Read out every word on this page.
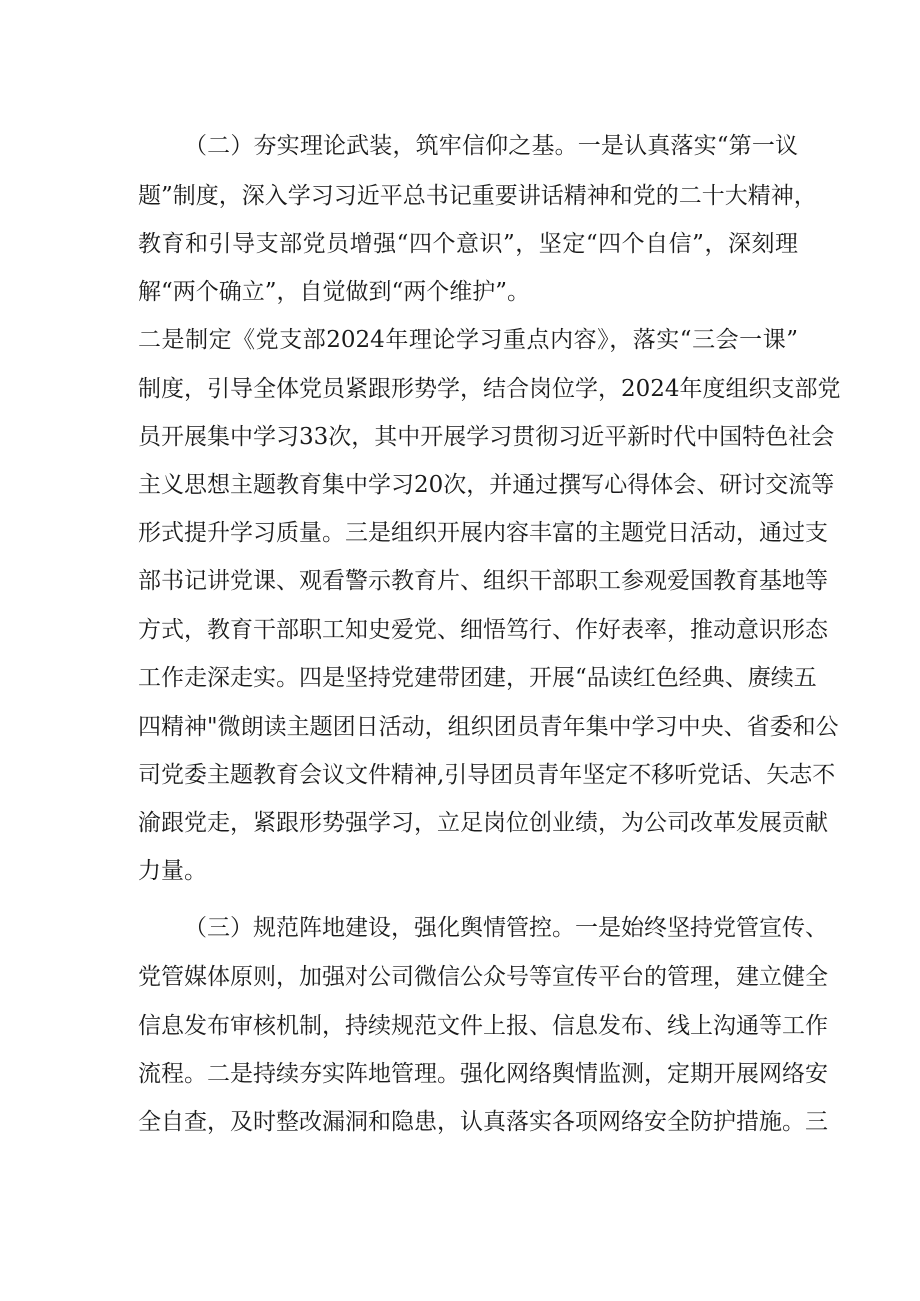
（二）夯实理论武装，筑牢信仰之基。一是认真落实“第一议

题”制度，深入学习习近平总书记重要讲话精神和党的二十大精神，

教育和引导支部党员增强“四个意识”，坚定“四个自信”，深刻理

解“两个确立”，自觉做到“两个维护”。

二是制定《党支部2024年理论学习重点内容》，落实“三会一课”

制度，引导全体党员紧跟形势学，结合岗位学，2024年度组织支部党

员开展集中学习33次，其中开展学习贯彻习近平新时代中国特色社会

主义思想主题教育集中学习20次，并通过撰写心得体会、研讨交流等

形式提升学习质量。三是组织开展内容丰富的主题党日活动，通过支

部书记讲党课、观看警示教育片、组织干部职工参观爱国教育基地等

方式，教育干部职工知史爱党、细悟笃行、作好表率，推动意识形态

工作走深走实。四是坚持党建带团建，开展“品读红色经典、赓续五

四精神"微朗读主题团日活动，组织团员青年集中学习中央、省委和公

司党委主题教育会议文件精神,引导团员青年坚定不移听党话、矢志不

渝跟党走，紧跟形势强学习，立足岗位创业绩，为公司改革发展贡献

力量。

（三）规范阵地建设，强化舆情管控。一是始终坚持党管宣传、

党管媒体原则，加强对公司微信公众号等宣传平台的管理，建立健全

信息发布审核机制，持续规范文件上报、信息发布、线上沟通等工作

流程。二是持续夯实阵地管理。强化网络舆情监测，定期开展网络安

全自查，及时整改漏洞和隐患，认真落实各项网络安全防护措施。三
